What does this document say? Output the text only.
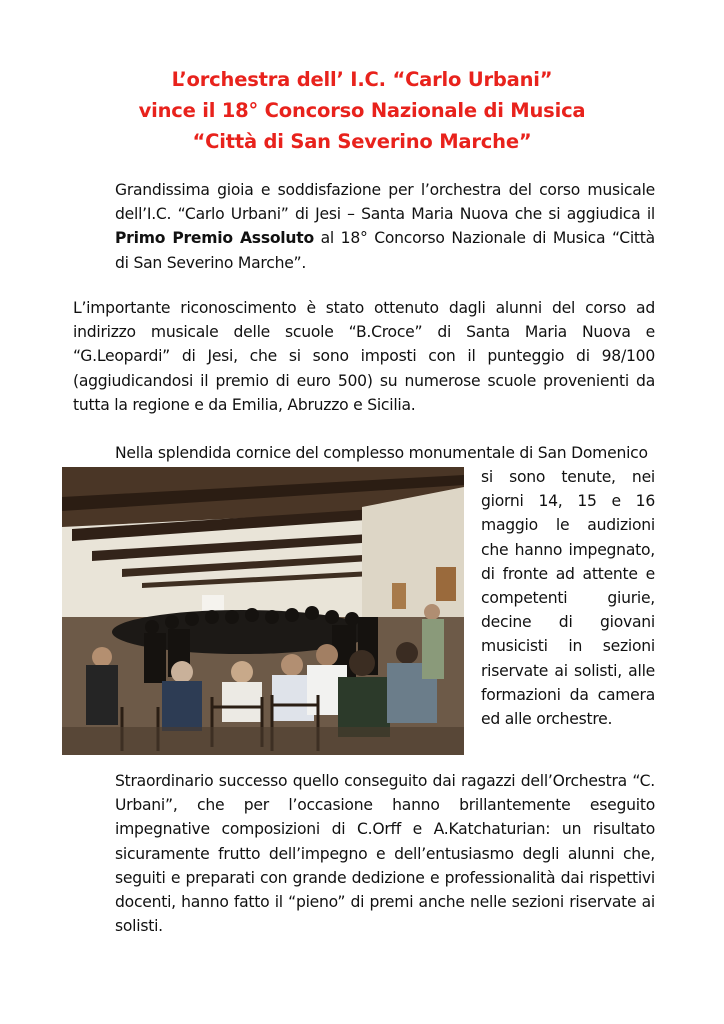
L’orchestra dell’ I.C. “Carlo Urbani”
vince il 18° Concorso Nazionale di Musica
“Città di San Severino Marche”
Grandissima gioia e soddisfazione per l’orchestra del corso musicale dell’I.C. “Carlo Urbani” di Jesi – Santa Maria Nuova che si aggiudica il Primo Premio Assoluto al 18° Concorso Nazionale di Musica “Città di San Severino Marche”.
L’importante riconoscimento è stato ottenuto dagli alunni del corso ad indirizzo musicale delle scuole “B.Croce” di Santa Maria Nuova e “G.Leopardi” di Jesi, che si sono imposti con il punteggio di 98/100 (aggiudicandosi il premio di euro 500) su numerose scuole provenienti da tutta la regione e da Emilia, Abruzzo e Sicilia.
Nella splendida cornice del complesso monumentale di San Domenico
si sono tenute, nei giorni 14, 15 e 16 maggio le audizioni che hanno impegnato, di fronte ad attente e competenti giurie, decine di giovani musicisti in sezioni riservate ai solisti, alle formazioni da camera ed alle orchestre.
Straordinario successo quello conseguito dai ragazzi dell’Orchestra “C. Urbani”, che per l’occasione hanno brillantemente eseguito impegnative composizioni di C.Orff e A.Katchaturian: un risultato sicuramente frutto dell’impegno e dell’entusiasmo degli alunni che, seguiti e preparati con grande dedizione e professionalità dai rispettivi docenti, hanno fatto il “pieno” di premi anche nelle sezioni riservate ai solisti.
